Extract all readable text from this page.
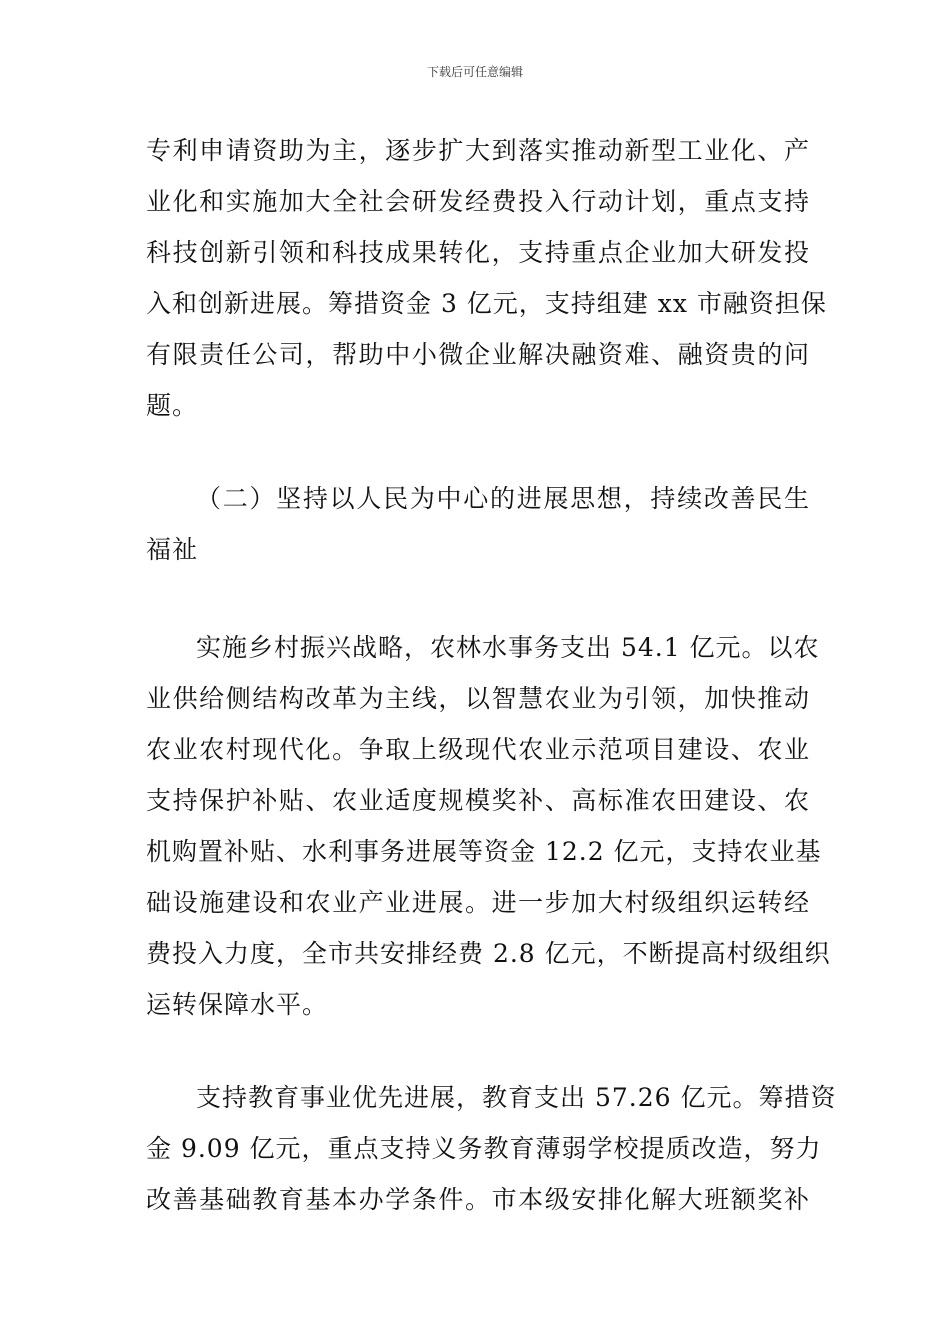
下载后可任意编辑
专利申请资助为主，逐步扩大到落实推动新型工业化、产
业化和实施加大全社会研发经费投入行动计划，重点支持
科技创新引领和科技成果转化，支持重点企业加大研发投
入和创新进展。筹措资金 3 亿元，支持组建 xx 市融资担保
有限责任公司，帮助中小微企业解决融资难、融资贵的问
题。
（二）坚持以人民为中心的进展思想，持续改善民生
福祉
实施乡村振兴战略，农林水事务支出 54.1 亿元。以农
业供给侧结构改革为主线，以智慧农业为引领，加快推动
农业农村现代化。争取上级现代农业示范项目建设、农业
支持保护补贴、农业适度规模奖补、高标准农田建设、农
机购置补贴、水利事务进展等资金 12.2 亿元，支持农业基
础设施建设和农业产业进展。进一步加大村级组织运转经
费投入力度，全市共安排经费 2.8 亿元，不断提高村级组织
运转保障水平。
支持教育事业优先进展，教育支出 57.26 亿元。筹措资
金 9.09 亿元，重点支持义务教育薄弱学校提质改造，努力
改善基础教育基本办学条件。市本级安排化解大班额奖补
